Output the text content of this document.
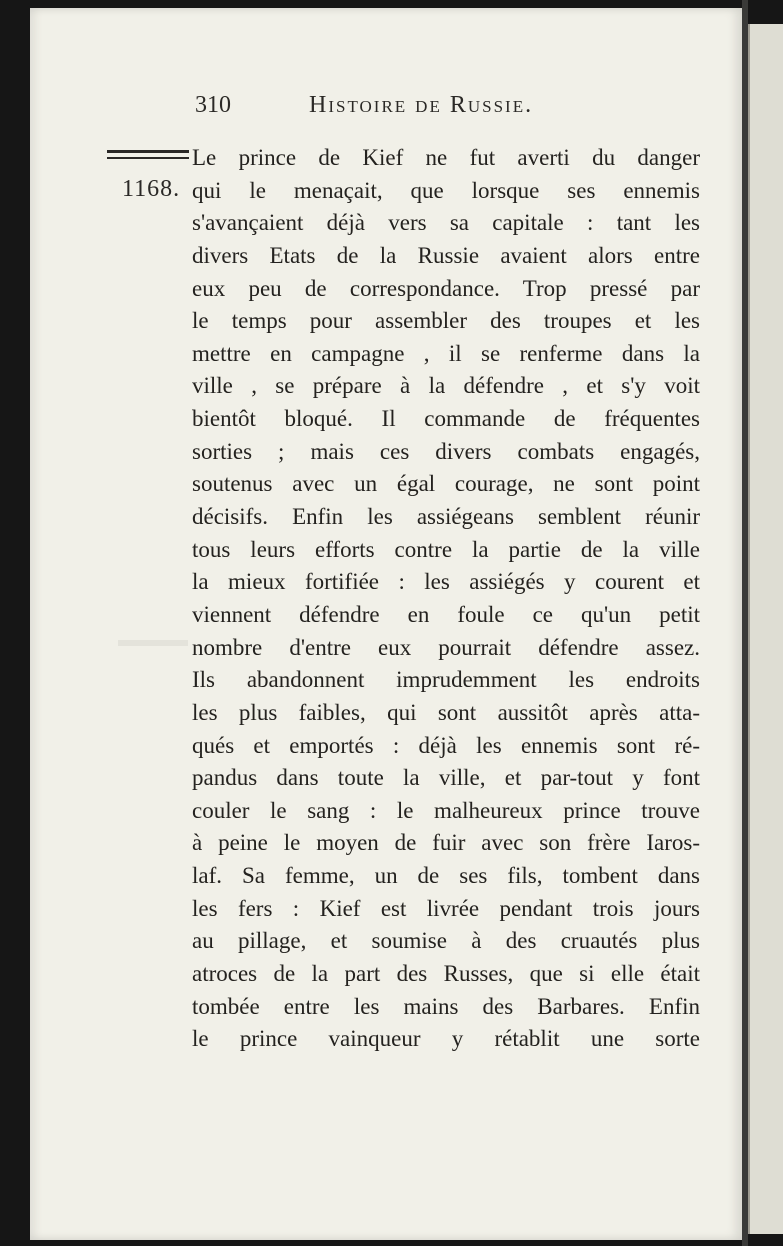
310	Histoire de Russie.
1168.
Le prince de Kief ne fut averti du danger
qui le menaçait, que lorsque ses ennemis
s'avançaient déjà vers sa capitale : tant les
divers Etats de la Russie avaient alors entre
eux peu de correspondance. Trop pressé par
le temps pour assembler des troupes et les
mettre en campagne , il se renferme dans la
ville , se prépare à la défendre , et s'y voit
bientôt bloqué. Il commande de fréquentes
sorties ; mais ces divers combats engagés,
soutenus avec un égal courage, ne sont point
décisifs. Enfin les assiégeans semblent réunir
tous leurs efforts contre la partie de la ville
la mieux fortifiée : les assiégés y courent et
viennent défendre en foule ce qu'un petit
nombre d'entre eux pourrait défendre assez.
Ils abandonnent imprudemment les endroits
les plus faibles, qui sont aussitôt après atta-
qués et emportés : déjà les ennemis sont ré-
pandus dans toute la ville, et par-tout y font
couler le sang : le malheureux prince trouve
à peine le moyen de fuir avec son frère Iaros-
laf. Sa femme, un de ses fils, tombent dans
les fers : Kief est livrée pendant trois jours
au pillage, et soumise à des cruautés plus
atroces de la part des Russes, que si elle était
tombée entre les mains des Barbares. Enfin
le prince vainqueur y rétablit une sorte
